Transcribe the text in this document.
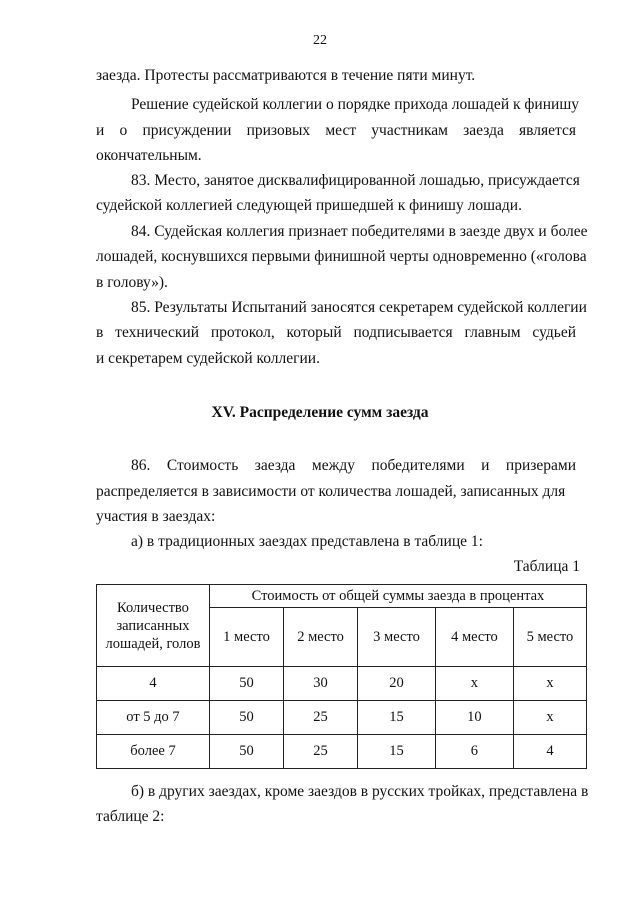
22
заезда. Протесты рассматриваются в течение пяти минут.
Решение судейской коллегии о порядке прихода лошадей к финишу
и о присуждении призовых мест участникам заезда является
окончательным.
83. Место, занятое дисквалифицированной лошадью, присуждается
судейской коллегией следующей пришедшей к финишу лошади.
84. Судейская коллегия признает победителями в заезде двух и более
лошадей, коснувшихся первыми финишной черты одновременно («голова
в голову»).
85. Результаты Испытаний заносятся секретарем судейской коллегии
в технический протокол, который подписывается главным судьей
и секретарем судейской коллегии.
XV. Распределение сумм заезда
86. Стоимость заезда между победителями и призерами
распределяется в зависимости от количества лошадей, записанных для
участия в заездах:
а) в традиционных заездах представлена в таблице 1:
Таблица 1
Количество записанных лошадей, голов	Стоимость от общей суммы заезда в процентах				
	1 место	2 место	3 место	4 место	5 место
4	50	30	20	х	х
от 5 до 7	50	25	15	10	х
более 7	50	25	15	6	4
б) в других заездах, кроме заездов в русских тройках, представлена в
таблице 2:
